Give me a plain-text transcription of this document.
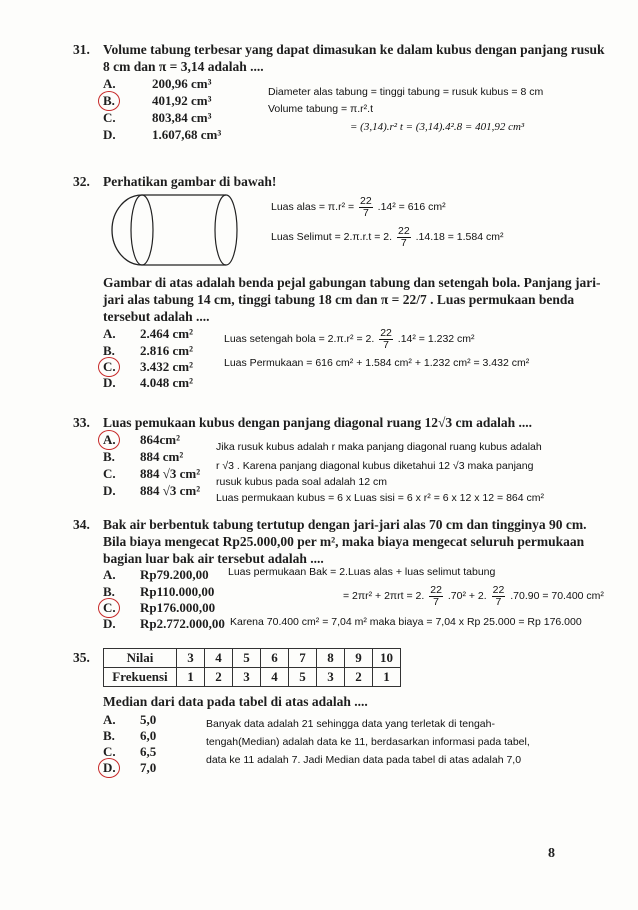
31. Volume tabung terbesar yang dapat dimasukan ke dalam kubus dengan panjang rusuk
8 cm dan π = 3,14 adalah ....
A.	200,96 cm³
B.	401,92 cm³
C.	803,84 cm³
D.	1.607,68 cm³
Diameter alas tabung = tinggi tabung = rusuk kubus = 8 cm
Volume tabung = π.r².t
= (3,14).r² t = (3,14).4².8 = 401,92 cm³
32. Perhatikan gambar di bawah!
Luas alas = $\pi.r^2 = \frac{22}{7} .14^2 = 616$ cm²
Luas Selimut = 2.π.r.t = 2. $\frac{22}{7} .14.18 = 1.584$ cm²
Gambar di atas adalah benda pejal gabungan tabung dan setengah bola. Panjang jari-
jari alas tabung 14 cm, tinggi tabung 18 cm dan π = 22/7 . Luas permukaan benda
tersebut adalah ....
A. 2.464 cm²
B. 2.816 cm²
C. 3.432 cm²
D. 4.048 cm²
Luas setengah bola = 2.π.r² = 2. $\frac{22}{7} .14^2 = 1.232$ cm²
Luas Permukaan = 616 cm² + 1.584 cm² + 1.232 cm² = 3.432 cm²
33. Luas pemukaan kubus dengan panjang diagonal ruang 12√3 cm adalah ....
A. 864cm²
B. 884 cm²
C. 884 √3 cm²
D. 884 √3 cm²
Jika rusuk kubus adalah r maka panjang diagonal ruang kubus adalah
r √3 . Karena panjang diagonal kubus diketahui 12 √3 maka panjang
rusuk kubus pada soal adalah 12 cm
Luas permukaan kubus = 6 x Luas sisi = 6 x r² = 6 x 12 x 12 = 864 cm²
34. Bak air berbentuk tabung tertutup dengan jari-jari alas 70 cm dan tingginya 90 cm.
Bila biaya mengecat Rp25.000,00 per m², maka biaya mengecat seluruh permukaan
bagian luar bak air tersebut adalah ....
A. Rp79.200,00
B. Rp110.000,00
C. Rp176.000,00
D. Rp2.772.000,00
Luas permukaan Bak = 2.Luas alas + luas selimut tabung
= 2πr² + 2πrt = 2. $\frac{22}{7} .70^2 + 2$. $\frac{22}{7} .70.90 = 70.400$ cm²
Karena 70.400 cm² = 7,04 m² maka biaya = 7,04 x Rp 25.000 = Rp 176.000
35.	Nilai	3	4	5	6	7	8	9	10
Frekuensi	1	2	3	4	5	3	2	1
Median dari data pada tabel di atas adalah ....
A. 5,0
B. 6,0
C. 6,5
D. 7,0
Banyak data adalah 21 sehingga data yang terletak di tengah-
tengah(Median) adalah data ke 11, berdasarkan informasi pada tabel,
data ke 11 adalah 7. Jadi Median data pada tabel di atas adalah 7,0
8
